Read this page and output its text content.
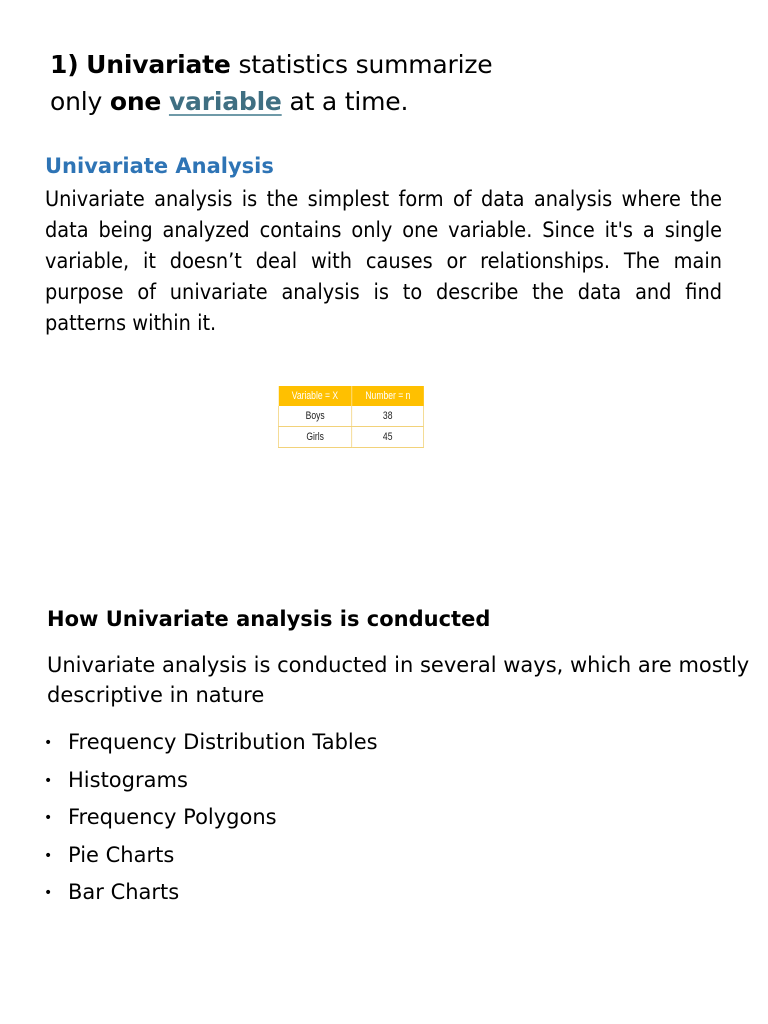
1) Univariate statistics summarize
only one variable at a time.
Univariate Analysis
Univariate analysis is the simplest form of data analysis where the data being analyzed contains only one variable. Since it's a single variable, it doesn’t deal with causes or relationships. The main purpose of univariate analysis is to describe the data and find patterns within it.
Variable = X	Number = n
Boys	38
Girls	45
How Univariate analysis is conducted
Univariate analysis is conducted in several ways, which are mostly descriptive in nature
• Frequency Distribution Tables
• Histograms
• Frequency Polygons
• Pie Charts
• Bar Charts
